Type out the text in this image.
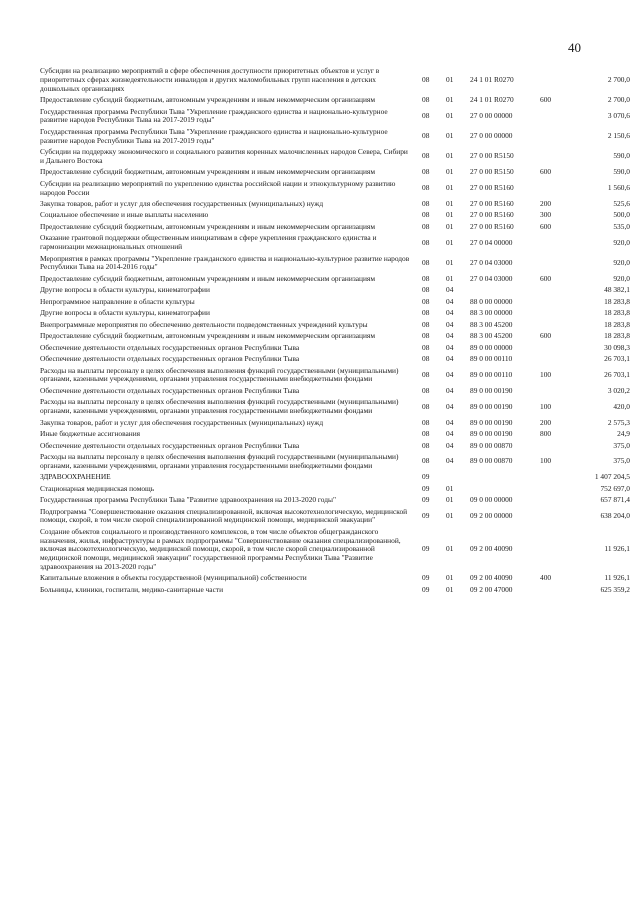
40
Субсидии на реализацию мероприятий в сфере обеспечения доступности приоритетных объектов и услуг в приоритетных сферах жизнедеятельности инвалидов и других маломобильных групп населения в детских дошкольных организациях	08	01	24 1 01 R0270		2 700,0
Предоставление субсидий бюджетным, автономным учреждениям и иным некоммерческим организациям	08	01	24 1 01 R0270	600	2 700,0
Государственная программа Республики Тыва "Укрепление гражданского единства и национально-культурное развитие народов Республики Тыва на 2017-2019 годы"	08	01	27 0 00 00000		3 070,6
Государственная программа Республики Тыва "Укрепление гражданского единства и национально-культурное развитие народов Республики Тыва на 2017-2019 годы"	08	01	27 0 00 00000		2 150,6
Субсидии на поддержку экономического и социального развития коренных малочисленных народов Севера, Сибири и Дальнего Востока	08	01	27 0 00 R5150		590,0
Предоставление субсидий бюджетным, автономным учреждениям и иным некоммерческим организациям	08	01	27 0 00 R5150	600	590,0
Субсидии на реализацию мероприятий по укреплению единства российской нации и этнокультурному развитию народов России	08	01	27 0 00 R5160		1 560,6
Закупка товаров, работ и услуг для обеспечения государственных (муниципальных) нужд	08	01	27 0 00 R5160	200	525,6
Социальное обеспечение и иные выплаты населению	08	01	27 0 00 R5160	300	500,0
Предоставление субсидий бюджетным, автономным учреждениям и иным некоммерческим организациям	08	01	27 0 00 R5160	600	535,0
Оказание грантовой поддержки общественным инициативам в сфере укрепления гражданского единства и гармонизации межнациональных отношений	08	01	27 0 04 00000		920,0
Мероприятия в рамках программы "Укрепление гражданского единства и национально-культурное развитие народов Республики Тыва на 2014-2016 годы"	08	01	27 0 04 03000		920,0
Предоставление субсидий бюджетным, автономным учреждениям и иным некоммерческим организациям	08	01	27 0 04 03000	600	920,0
Другие вопросы в области культуры, кинематографии	08	04			48 382,1
Непрограммное направление в области культуры	08	04	88 0 00 00000		18 283,8
Другие вопросы в области культуры, кинематографии	08	04	88 3 00 00000		18 283,8
Внепрограммные мероприятия по обеспечению деятельности подведомственных учреждений культуры	08	04	88 3 00 45200		18 283,8
Предоставление субсидий бюджетным, автономным учреждениям и иным некоммерческим организациям	08	04	88 3 00 45200	600	18 283,8
Обеспечение деятельности отдельных государственных органов Республики Тыва	08	04	89 0 00 00000		30 098,3
Обеспечение деятельности отдельных государственных органов Республики Тыва	08	04	89 0 00 00110		26 703,1
Расходы на выплаты персоналу в целях обеспечения выполнения функций государственными (муниципальными) органами, казенными учреждениями, органами управления государственными внебюджетными фондами	08	04	89 0 00 00110	100	26 703,1
Обеспечение деятельности отдельных государственных органов Республики Тыва	08	04	89 0 00 00190		3 020,2
Расходы на выплаты персоналу в целях обеспечения выполнения функций государственными (муниципальными) органами, казенными учреждениями, органами управления государственными внебюджетными фондами	08	04	89 0 00 00190	100	420,0
Закупка товаров, работ и услуг для обеспечения государственных (муниципальных) нужд	08	04	89 0 00 00190	200	2 575,3
Иные бюджетные ассигнования	08	04	89 0 00 00190	800	24,9
Обеспечение деятельности отдельных государственных органов Республики Тыва	08	04	89 0 00 00870		375,0
Расходы на выплаты персоналу в целях обеспечения выполнения функций государственными (муниципальными) органами, казенными учреждениями, органами управления государственными внебюджетными фондами	08	04	89 0 00 00870	100	375,0
ЗДРАВООХРАНЕНИЕ	09				1 407 204,5
Стационарная медицинская помощь	09	01			752 697,0
Государственная программа Республики Тыва "Развитие здравоохранения на 2013-2020 годы"	09	01	09 0 00 00000		657 871,4
Подпрограмма "Совершенствование оказания специализированной, включая высокотехнологическую, медицинской помощи, скорой, в том числе скорой специализированной медицинской помощи, медицинской эвакуации"	09	01	09 2 00 00000		638 204,0
Создание объектов социального и производственного комплексов, в том числе объектов общегражданского назначения, жилья, инфраструктуры в рамках подпрограммы "Совершенствование оказания специализированной, включая высокотехнологическую, медицинской помощи, скорой, в том числе скорой специализированной медицинской помощи, медицинской эвакуации" государственной программы Республики Тыва "Развитие здравоохранения на 2013-2020 годы"	09	01	09 2 00 40090		11 926,1
Капитальные вложения в объекты государственной (муниципальной) собственности	09	01	09 2 00 40090	400	11 926,1
Больницы, клиники, госпитали, медико-санитарные части	09	01	09 2 00 47000		625 359,2
